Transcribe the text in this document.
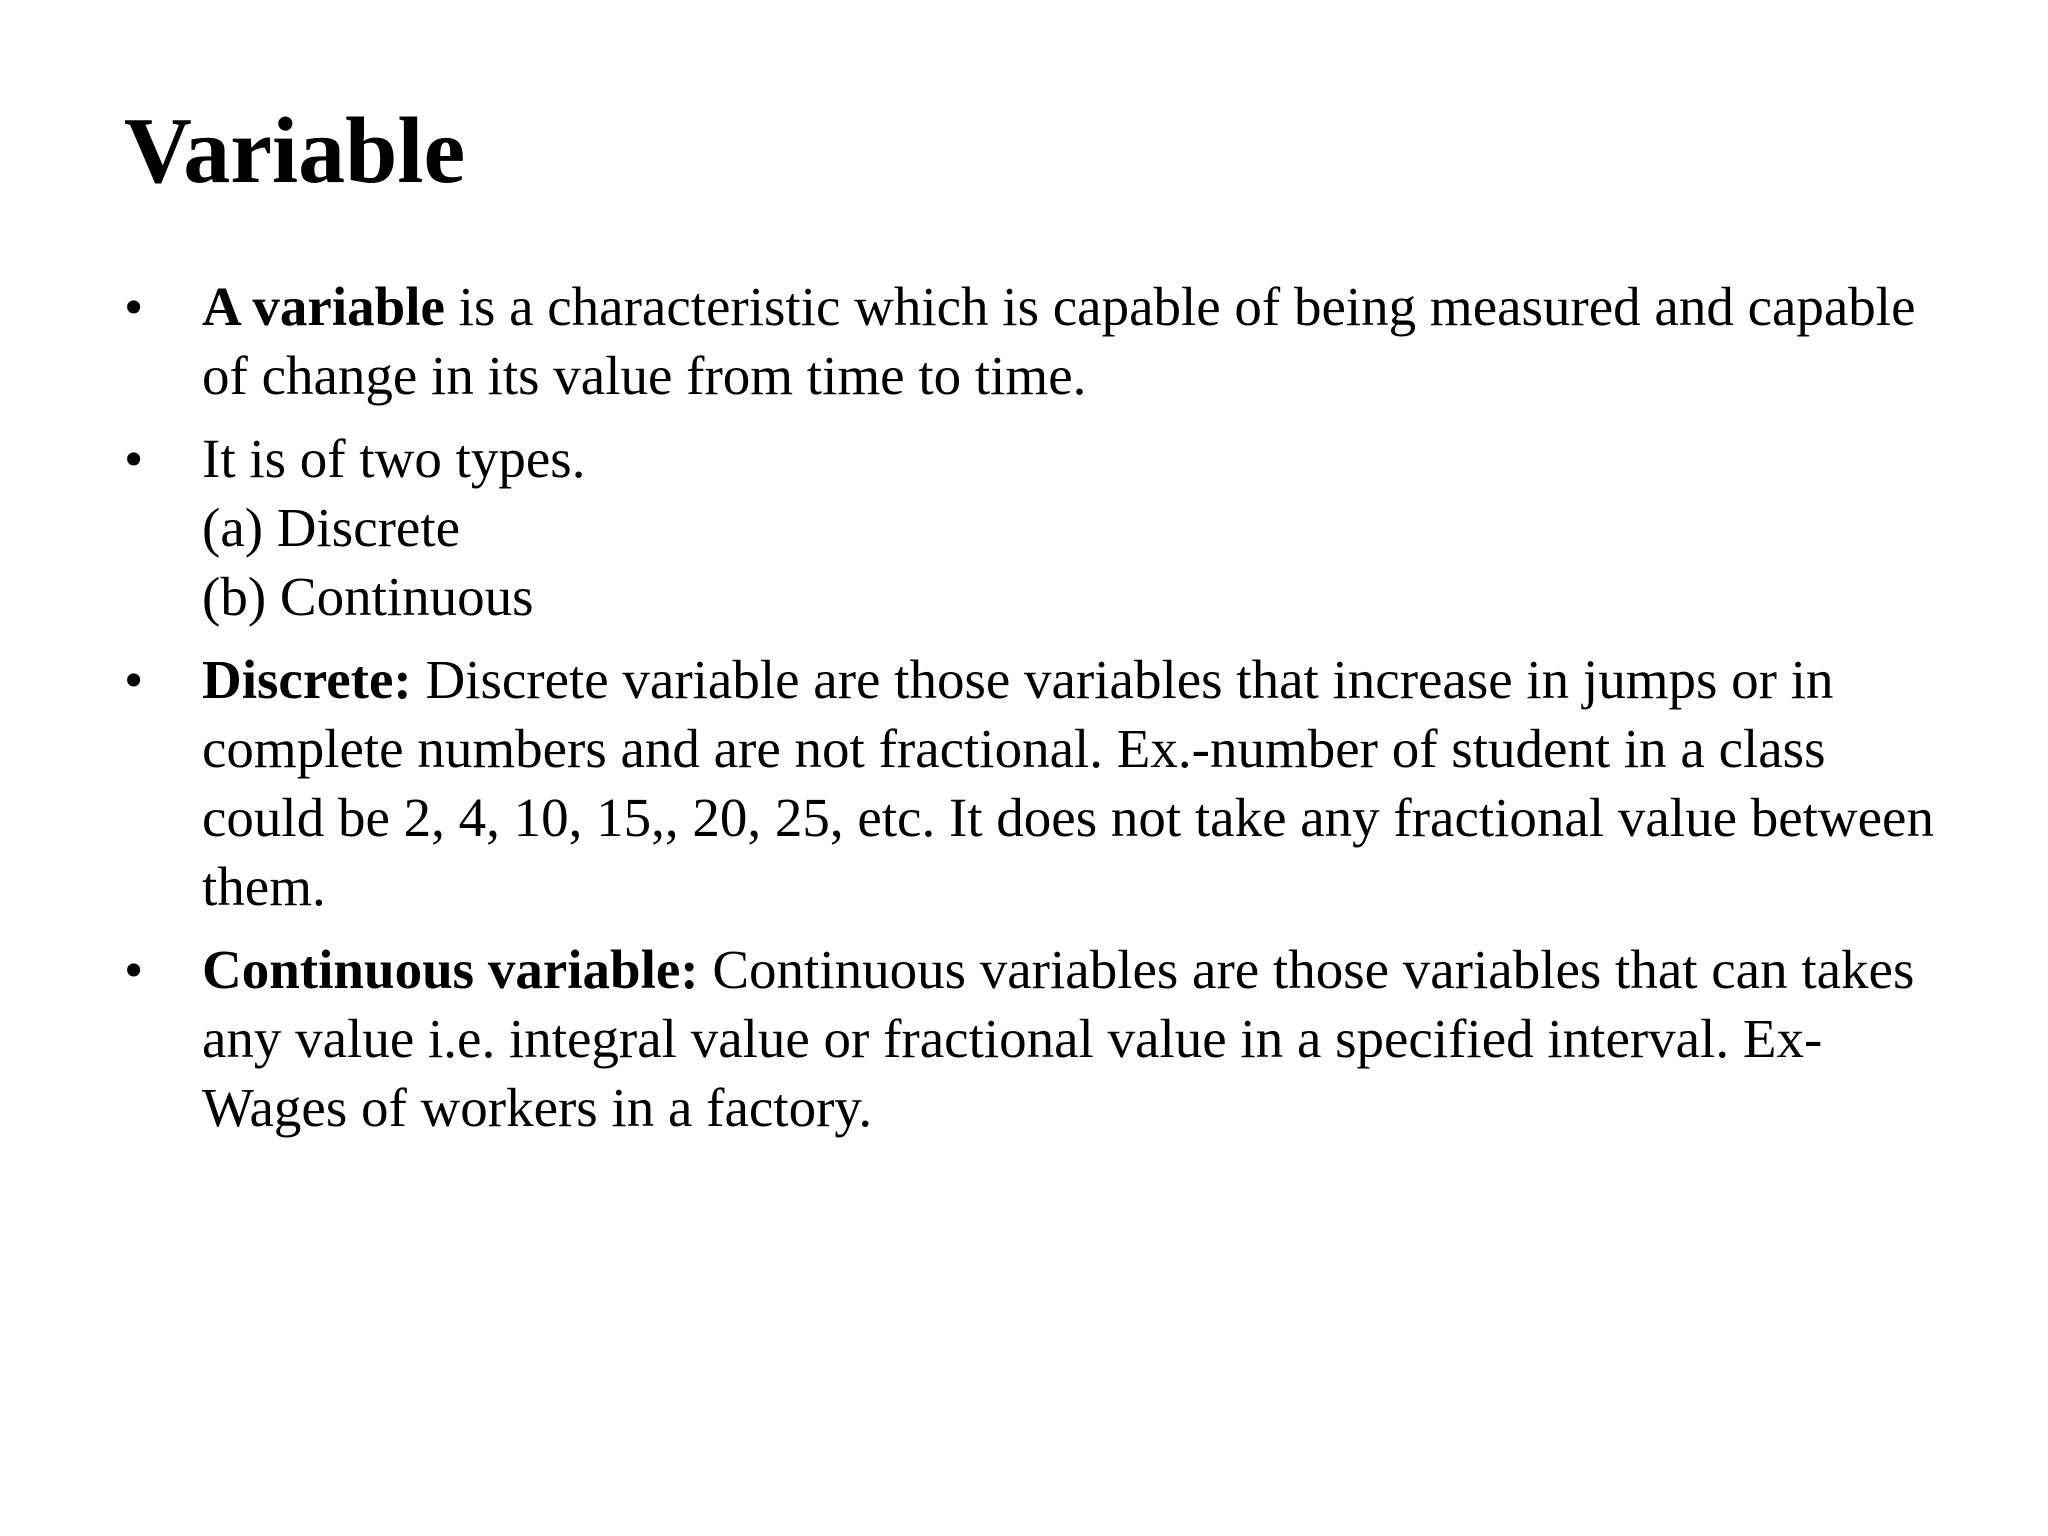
Variable
•	A variable is a characteristic which is capable of being measured and capable of change in its value from time to time.
•	It is of two types.
(a) Discrete
(b) Continuous
•	Discrete: Discrete variable are those variables that increase in jumps or in complete numbers and are not fractional. Ex.-number of student in a class could be 2, 4, 10, 15,, 20, 25, etc. It does not take any fractional value between them.
•	Continuous variable: Continuous variables are those variables that can takes any value i.e. integral value or fractional value in a specified interval. Ex- Wages of workers in a factory.
